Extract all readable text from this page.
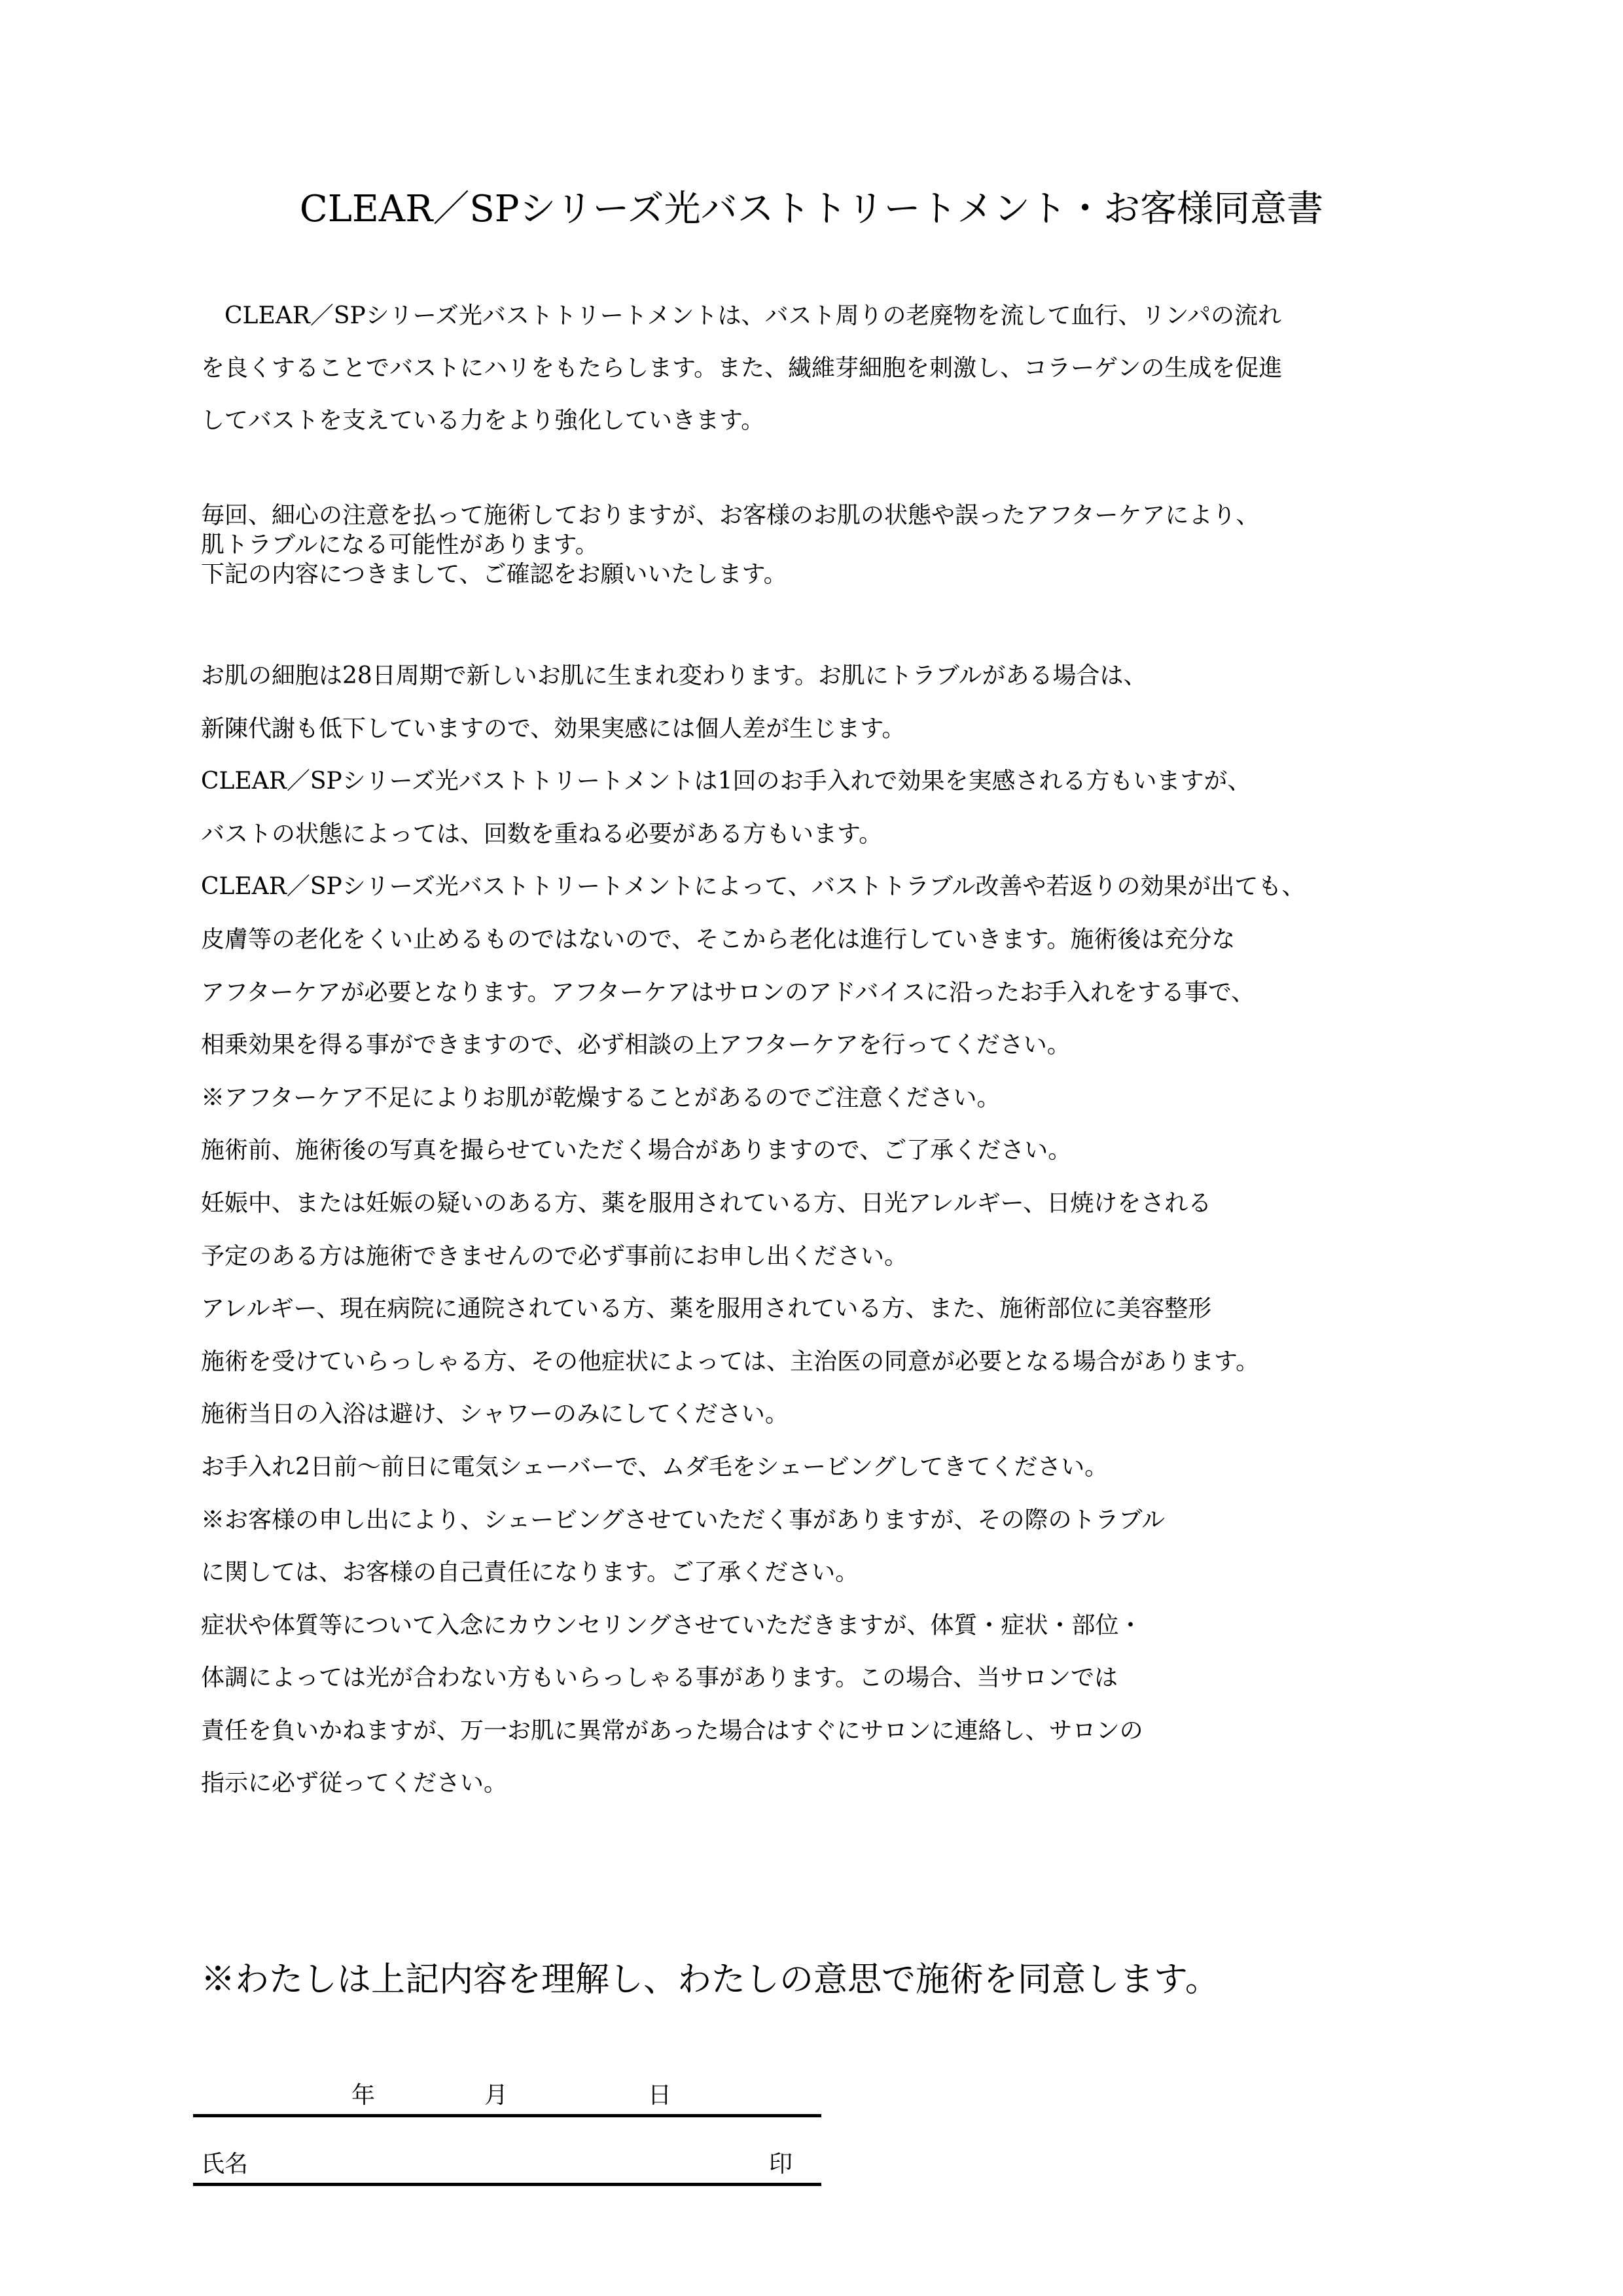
CLEAR／SPシリーズ光バストトリートメント・お客様同意書
CLEAR／SPシリーズ光バストトリートメントは、バスト周りの老廃物を流して血行、リンパの流れ
を良くすることでバストにハリをもたらします。また、繊維芽細胞を刺激し、コラーゲンの生成を促進
してバストを支えている力をより強化していきます。
毎回、細心の注意を払って施術しておりますが、お客様のお肌の状態や誤ったアフターケアにより、
肌トラブルになる可能性があります。
下記の内容につきまして、ご確認をお願いいたします。
お肌の細胞は28日周期で新しいお肌に生まれ変わります。お肌にトラブルがある場合は、
新陳代謝も低下していますので、効果実感には個人差が生じます。
CLEAR／SPシリーズ光バストトリートメントは1回のお手入れで効果を実感される方もいますが、
バストの状態によっては、回数を重ねる必要がある方もいます。
CLEAR／SPシリーズ光バストトリートメントによって、バストトラブル改善や若返りの効果が出ても、
皮膚等の老化をくい止めるものではないので、そこから老化は進行していきます。施術後は充分な
アフターケアが必要となります。アフターケアはサロンのアドバイスに沿ったお手入れをする事で、
相乗効果を得る事ができますので、必ず相談の上アフターケアを行ってください。
※アフターケア不足によりお肌が乾燥することがあるのでご注意ください。
施術前、施術後の写真を撮らせていただく場合がありますので、ご了承ください。
妊娠中、または妊娠の疑いのある方、薬を服用されている方、日光アレルギー、日焼けをされる
予定のある方は施術できませんので必ず事前にお申し出ください。
アレルギー、現在病院に通院されている方、薬を服用されている方、また、施術部位に美容整形
施術を受けていらっしゃる方、その他症状によっては、主治医の同意が必要となる場合があります。
施術当日の入浴は避け、シャワーのみにしてください。
お手入れ2日前〜前日に電気シェーバーで、ムダ毛をシェービングしてきてください。
※お客様の申し出により、シェービングさせていただく事がありますが、その際のトラブル
に関しては、お客様の自己責任になります。ご了承ください。
症状や体質等について入念にカウンセリングさせていただきますが、体質・症状・部位・
体調によっては光が合わない方もいらっしゃる事があります。この場合、当サロンでは
責任を負いかねますが、万一お肌に異常があった場合はすぐにサロンに連絡し、サロンの
指示に必ず従ってください。
※わたしは上記内容を理解し、わたしの意思で施術を同意します。
年	月	日
氏名	印
